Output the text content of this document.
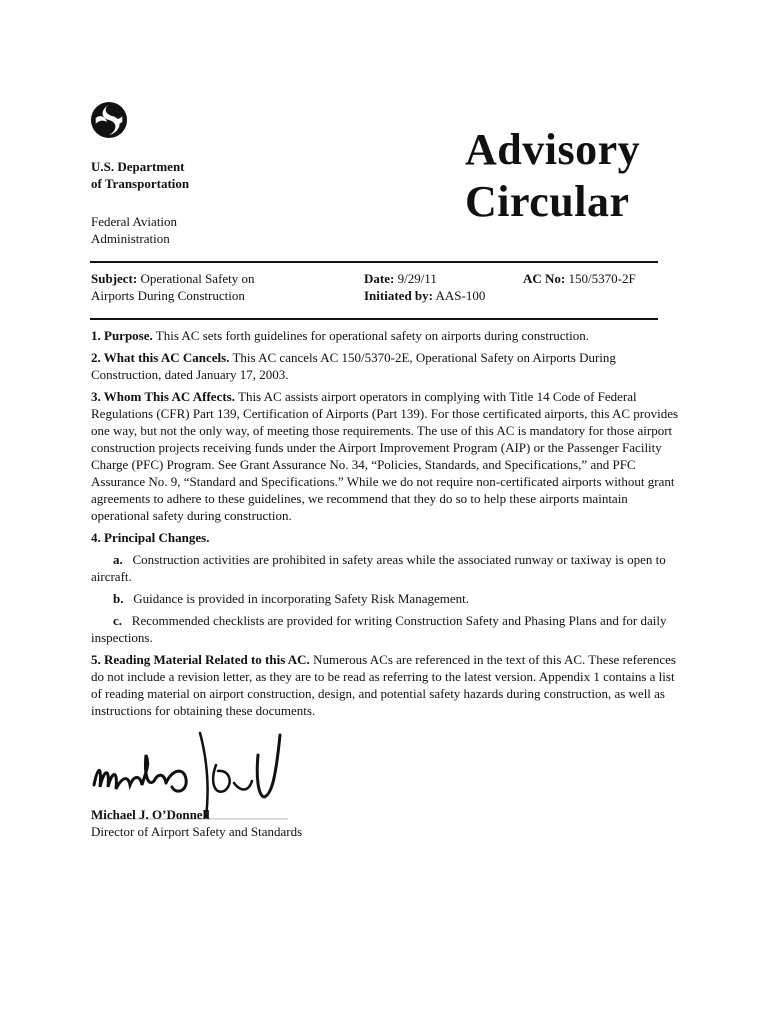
U.S. Department
of Transportation
Federal Aviation
Administration
Advisory
Circular
Subject: Operational Safety on
Airports During Construction
Date: 9/29/11
Initiated by: AAS-100
AC No: 150/5370-2F

1. Purpose. This AC sets forth guidelines for operational safety on airports during construction.

2. What this AC Cancels. This AC cancels AC 150/5370-2E, Operational Safety on Airports During Construction, dated January 17, 2003.

3. Whom This AC Affects. This AC assists airport operators in complying with Title 14 Code of Federal Regulations (CFR) Part 139, Certification of Airports (Part 139). For those certificated airports, this AC provides one way, but not the only way, of meeting those requirements. The use of this AC is mandatory for those airport construction projects receiving funds under the Airport Improvement Program (AIP) or the Passenger Facility Charge (PFC) Program. See Grant Assurance No. 34, “Policies, Standards, and Specifications,” and PFC Assurance No. 9, “Standard and Specifications.” While we do not require non-certificated airports without grant agreements to adhere to these guidelines, we recommend that they do so to help these airports maintain operational safety during construction.

4. Principal Changes.

a. Construction activities are prohibited in safety areas while the associated runway or taxiway is open to aircraft.

b. Guidance is provided in incorporating Safety Risk Management.

c. Recommended checklists are provided for writing Construction Safety and Phasing Plans and for daily inspections.

5. Reading Material Related to this AC. Numerous ACs are referenced in the text of this AC. These references do not include a revision letter, as they are to be read as referring to the latest version. Appendix 1 contains a list of reading material on airport construction, design, and potential safety hazards during construction, as well as instructions for obtaining these documents.

Michael J. O’Donnell
Director of Airport Safety and Standards
